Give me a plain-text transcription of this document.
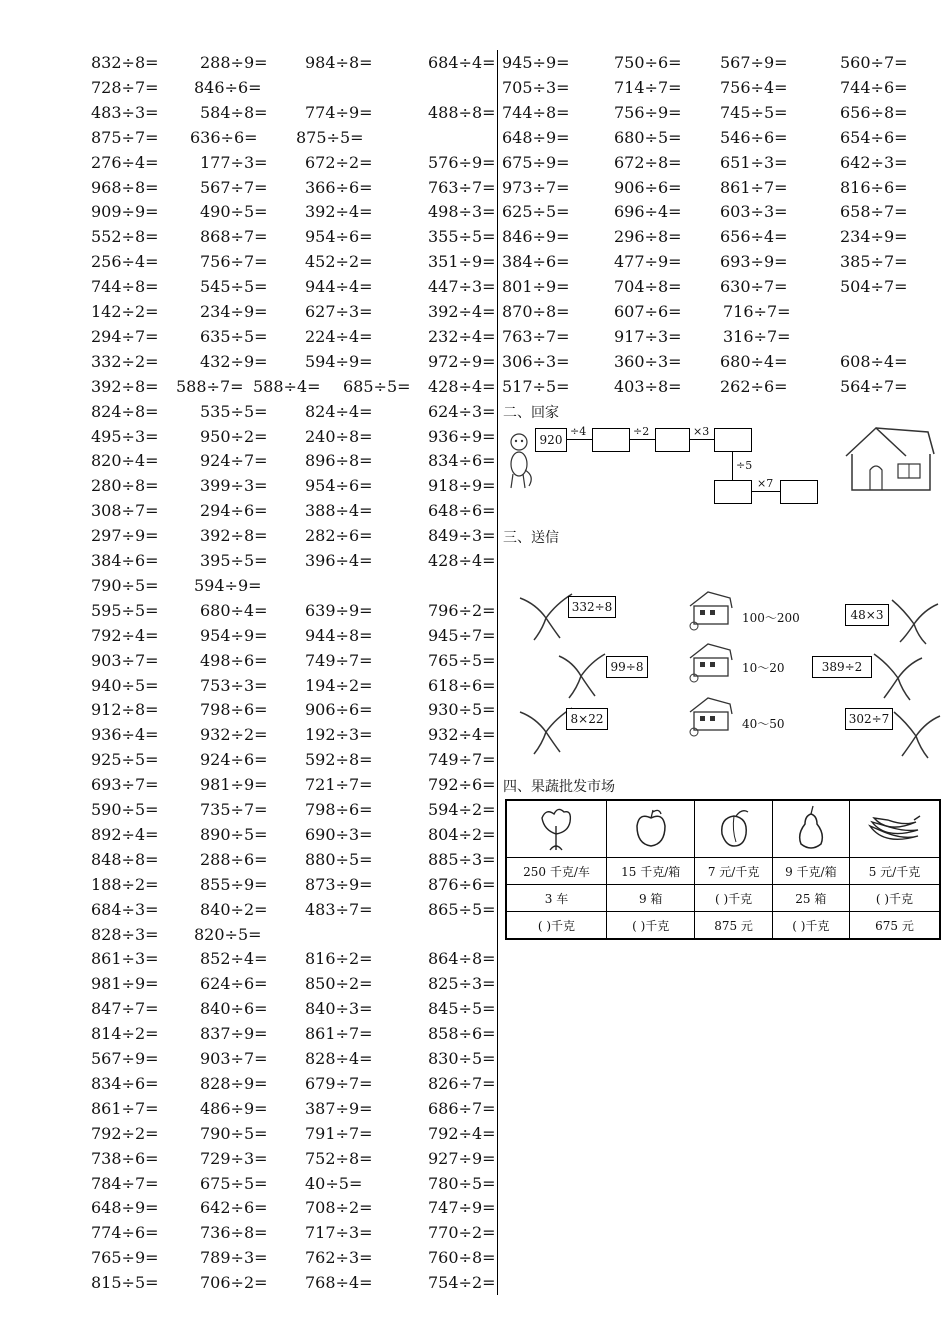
832÷8=	288÷9= 984÷8=	684÷4=
728÷7= 846÷6=
483÷3=	584÷8= 774÷9=	488÷8=
875÷7= 636÷6= 875÷5=
276÷4=	177÷3= 672÷2=	576÷9=
968÷8=	567÷7= 366÷6=	763÷7=
909÷9=	490÷5= 392÷4=	498÷3=
552÷8=	868÷7= 954÷6=	355÷5=
256÷4=	756÷7= 452÷2=	351÷9=
744÷8=	545÷5= 944÷4=	447÷3=
142÷2=	234÷9= 627÷3=	392÷4=
294÷7=	635÷5= 224÷4=	232÷4=
332÷2=	432÷9= 594÷9=	972÷9=
392÷8= 588÷7= 588÷4= 685÷5= 428÷4=
824÷8=	535÷5= 824÷4=	624÷3=
495÷3=	950÷2= 240÷8=	936÷9=
820÷4=	924÷7= 896÷8=	834÷6=
280÷8=	399÷3= 954÷6=	918÷9=
308÷7=	294÷6= 388÷4=	648÷6=
297÷9=	392÷8= 282÷6=	849÷3=
384÷6=	395÷5= 396÷4=	428÷4=
790÷5= 594÷9=
595÷5=	680÷4= 639÷9=	796÷2=
792÷4=	954÷9= 944÷8=	945÷7=
903÷7=	498÷6= 749÷7=	765÷5=
940÷5=	753÷3= 194÷2=	618÷6=
912÷8=	798÷6= 906÷6=	930÷5=
936÷4=	932÷2= 192÷3=	932÷4=
925÷5=	924÷6= 592÷8=	749÷7=
693÷7=	981÷9= 721÷7=	792÷6=
590÷5=	735÷7= 798÷6=	594÷2=
892÷4=	890÷5= 690÷3=	804÷2=
848÷8=	288÷6= 880÷5=	885÷3=
188÷2=	855÷9= 873÷9=	876÷6=
684÷3=	840÷2= 483÷7=	865÷5=
828÷3= 820÷5=
861÷3=	852÷4= 816÷2=	864÷8=
981÷9=	624÷6= 850÷2=	825÷3=
847÷7=	840÷6= 840÷3=	845÷5=
814÷2=	837÷9= 861÷7=	858÷6=
567÷9=	903÷7= 828÷4=	830÷5=
834÷6=	828÷9= 679÷7=	826÷7=
861÷7=	486÷9= 387÷9=	686÷7=
792÷2=	790÷5= 791÷7=	792÷4=
738÷6=	729÷3= 752÷8=	927÷9=
784÷7=	675÷5= 40÷5=	780÷5=
648÷9=	642÷6= 708÷2=	747÷9=
774÷6=	736÷8= 717÷3=	770÷2=
765÷9=	789÷3= 762÷3=	760÷8=
815÷5=	706÷2= 768÷4=	754÷2=
945÷9=	750÷6= 567÷9=	560÷7=
705÷3=	714÷7= 756÷4=	744÷6=
744÷8=	756÷9= 745÷5=	656÷8=
648÷9=	680÷5= 546÷6=	654÷6=
675÷9=	672÷8= 651÷3=	642÷3=
973÷7=	906÷6= 861÷7=	816÷6=
625÷5=	696÷4= 603÷3=	658÷7=
846÷9=	296÷8= 656÷4=	234÷9=
384÷6=	477÷9= 693÷9=	385÷7=
801÷9=	704÷8= 630÷7=	504÷7=
870÷8=	607÷6=	716÷7=
763÷7=	917÷3=	316÷7=
306÷3=	360÷3= 680÷4=	608÷4=
517÷5=	403÷8= 262÷6=	564÷7=
二、回家
920
÷4	÷2	×3
÷5
×7
三、送信
332÷8
99÷8
8×22
48×3
389÷2
302÷7
100～200
10～20
40～50
四、果蔬批发市场

250 千克/车	15 千克/箱	7 元/千克	9 千克/箱	5 元/千克
3 车	9 箱	( )千克	25 箱	( )千克
( )千克	( )千克	875 元	( )千克	675 元
